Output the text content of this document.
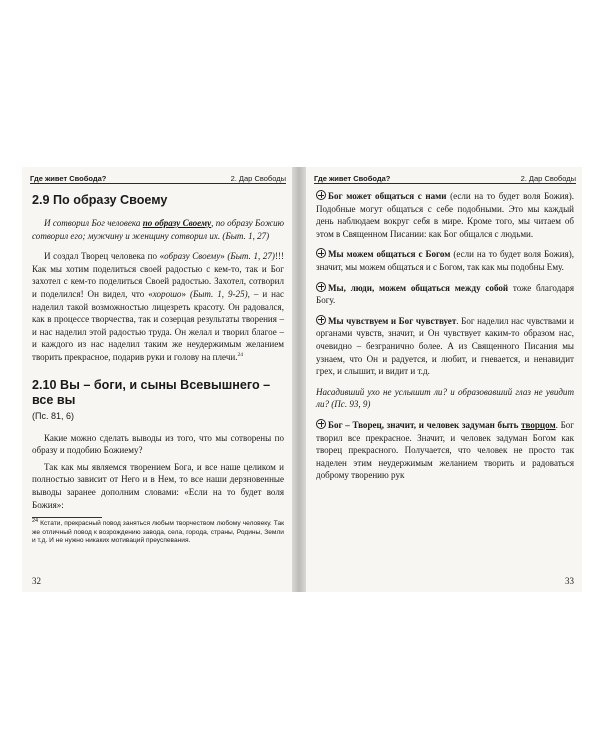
Где живет Свобода?	2. Дар Свободы
2.9 По образу Своему

И сотворил Бог человека по образу Своему, по образу Божию сотворил его; мужчину и женщину сотворил их. (Быт. 1, 27)

И создал Творец человека по «образу Своему» (Быт. 1, 27)!!! Как мы хотим поделиться своей радостью с кем-то, так и Бог захотел с кем-то поделиться Своей радостью. Захотел, сотворил и поделился! Он видел, что «хорошо» (Быт. 1, 9-25), – и нас наделил такой возможностью лицезреть красоту. Он радовался, как в процессе творчества, так и созерцая результаты творения – и нас наделил этой радостью труда. Он желал и творил благое – и каждого из нас наделил таким же неудержимым желанием творить прекрасное, подарив руки и голову на плечи.$^{24}$

2.10 Вы – боги, и сыны Всевышнего – все вы
(Пс. 81, 6)

Какие можно сделать выводы из того, что мы сотворены по образу и подобию Божиему?

Так как мы являемся творением Бога, и все наше целиком и полностью зависит от Него и в Нем, то все наши дерзновенные выводы заранее дополним словами: «Если на то будет воля Божия»:

$^{24}$ Кстати, прекрасный повод заняться любым творчеством любому человеку. Так же отличный повод к возрождению завода, села, города, страны, Родины, Земли и т.д. И не нужно никаких мотиваций преуспевания.

32
Где живет Свобода?	2. Дар Свободы

Бог может общаться с нами (если на то будет воля Божия). Подобные могут общаться с себе подобными. Это мы каждый день наблюдаем вокруг себя в мире. Кроме того, мы читаем об этом в Священном Писании: как Бог общался с людьми.

Мы можем общаться с Богом (если на то будет воля Божия), значит, мы можем общаться и с Богом, так как мы подобны Ему.

Мы, люди, можем общаться между собой тоже благодаря Богу.

Мы чувствуем и Бог чувствует. Бог наделил нас чувствами и органами чувств, значит, и Он чувствует каким-то образом нас, очевидно – безгранично более. А из Священного Писания мы узнаем, что Он и радуется, и любит, и гневается, и ненавидит грех, и слышит, и видит и т.д.

Насадивший ухо не услышит ли? и образовавший глаз не увидит ли? (Пс. 93, 9)

Бог – Творец, значит, и человек задуман быть творцом. Бог творил все прекрасное. Значит, и человек задуман Богом как творец прекрасного. Получается, что человек не просто так наделен этим неудержимым желанием творить и радоваться доброму творению рук

33
